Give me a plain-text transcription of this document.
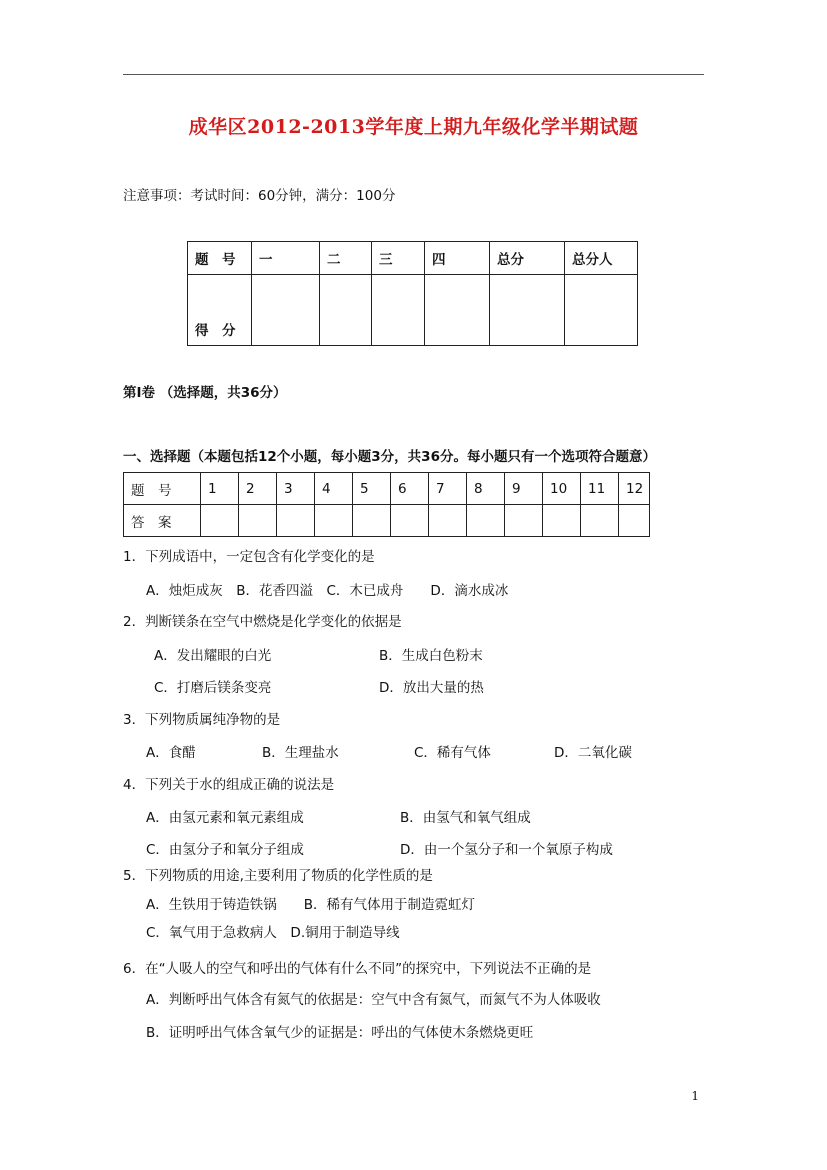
成华区2012-2013学年度上期九年级化学半期试题
注意事项：考试时间：60分钟，满分：100分
题　号	一	二	三	四	总分	总分人
得　分						
第Ⅰ卷 （选择题，共36分）
一、选择题（本题包括12个小题，每小题3分，共36分。每小题只有一个选项符合题意）
题　号	1	2	3	4	5	6	7	8	9	10	11	12
答　案												
1．下列成语中，一定包含有化学变化的是
A．烛炬成灰　B．花香四溢　C．木已成舟　　D．滴水成冰
2．判断镁条在空气中燃烧是化学变化的依据是
A．发出耀眼的白光	B．生成白色粉末
C．打磨后镁条变亮	D．放出大量的热
3．下列物质属纯净物的是
A．食醋	B．生理盐水	C．稀有气体	D．二氧化碳
4．下列关于水的组成正确的说法是
A．由氢元素和氧元素组成	B．由氢气和氧气组成
C．由氢分子和氧分子组成	D．由一个氢分子和一个氧原子构成
5．下列物质的用途,主要利用了物质的化学性质的是
A．生铁用于铸造铁锅　　B．稀有气体用于制造霓虹灯
C．氧气用于急救病人　D.铜用于制造导线
6．在“人吸人的空气和呼出的气体有什么不同”的探究中，下列说法不正确的是
A．判断呼出气体含有氮气的依据是：空气中含有氮气，而氮气不为人体吸收
B．证明呼出气体含氧气少的证据是：呼出的气体使木条燃烧更旺
1
